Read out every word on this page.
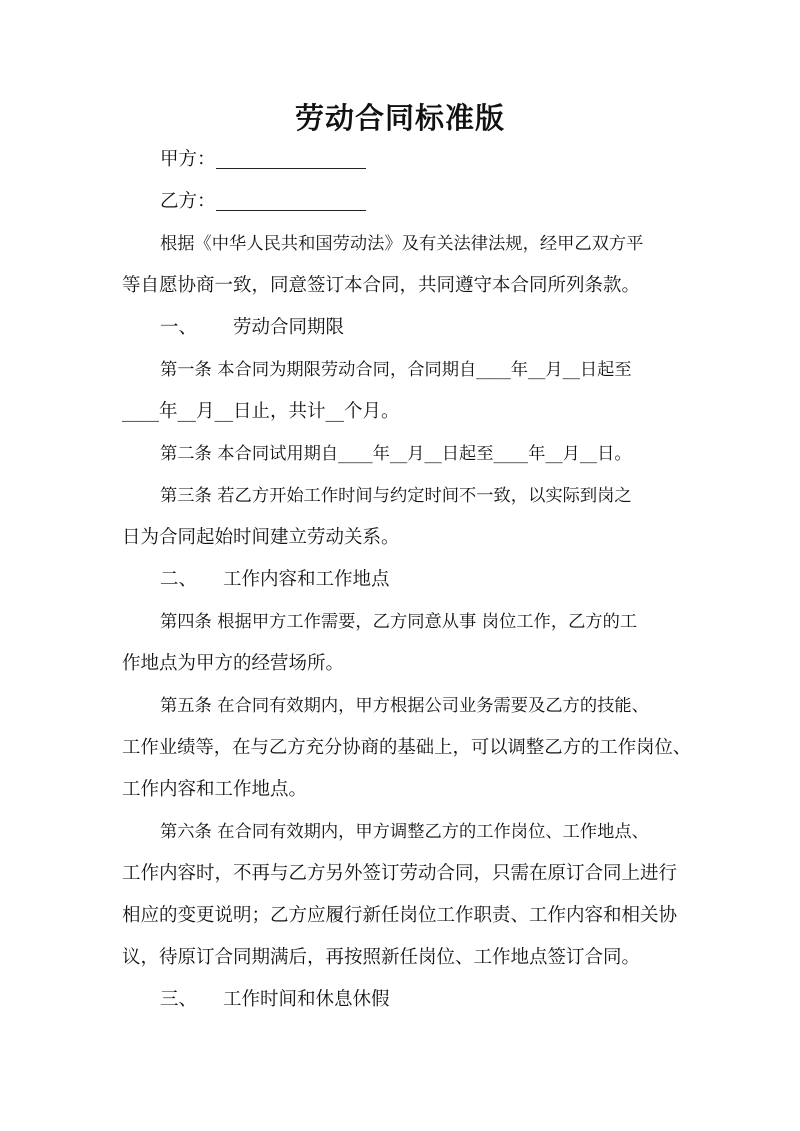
劳动合同标准版
甲方：
乙方：
根据《中华人民共和国劳动法》及有关法律法规，经甲乙双方平
等自愿协商一致，同意签订本合同，共同遵守本合同所列条款。
一、 劳动合同期限
第一条 本合同为期限劳动合同，合同期自____年__月__日起至
____年__月__日止，共计__个月。
第二条 本合同试用期自____年__月__日起至____年__月__日。
第三条 若乙方开始工作时间与约定时间不一致，以实际到岗之
日为合同起始时间建立劳动关系。
二、 工作内容和工作地点
第四条 根据甲方工作需要，乙方同意从事 岗位工作，乙方的工
作地点为甲方的经营场所。
第五条 在合同有效期内，甲方根据公司业务需要及乙方的技能、
工作业绩等，在与乙方充分协商的基础上，可以调整乙方的工作岗位、
工作内容和工作地点。
第六条 在合同有效期内，甲方调整乙方的工作岗位、工作地点、
工作内容时，不再与乙方另外签订劳动合同，只需在原订合同上进行
相应的变更说明；乙方应履行新任岗位工作职责、工作内容和相关协
议，待原订合同期满后，再按照新任岗位、工作地点签订合同。
三、 工作时间和休息休假
